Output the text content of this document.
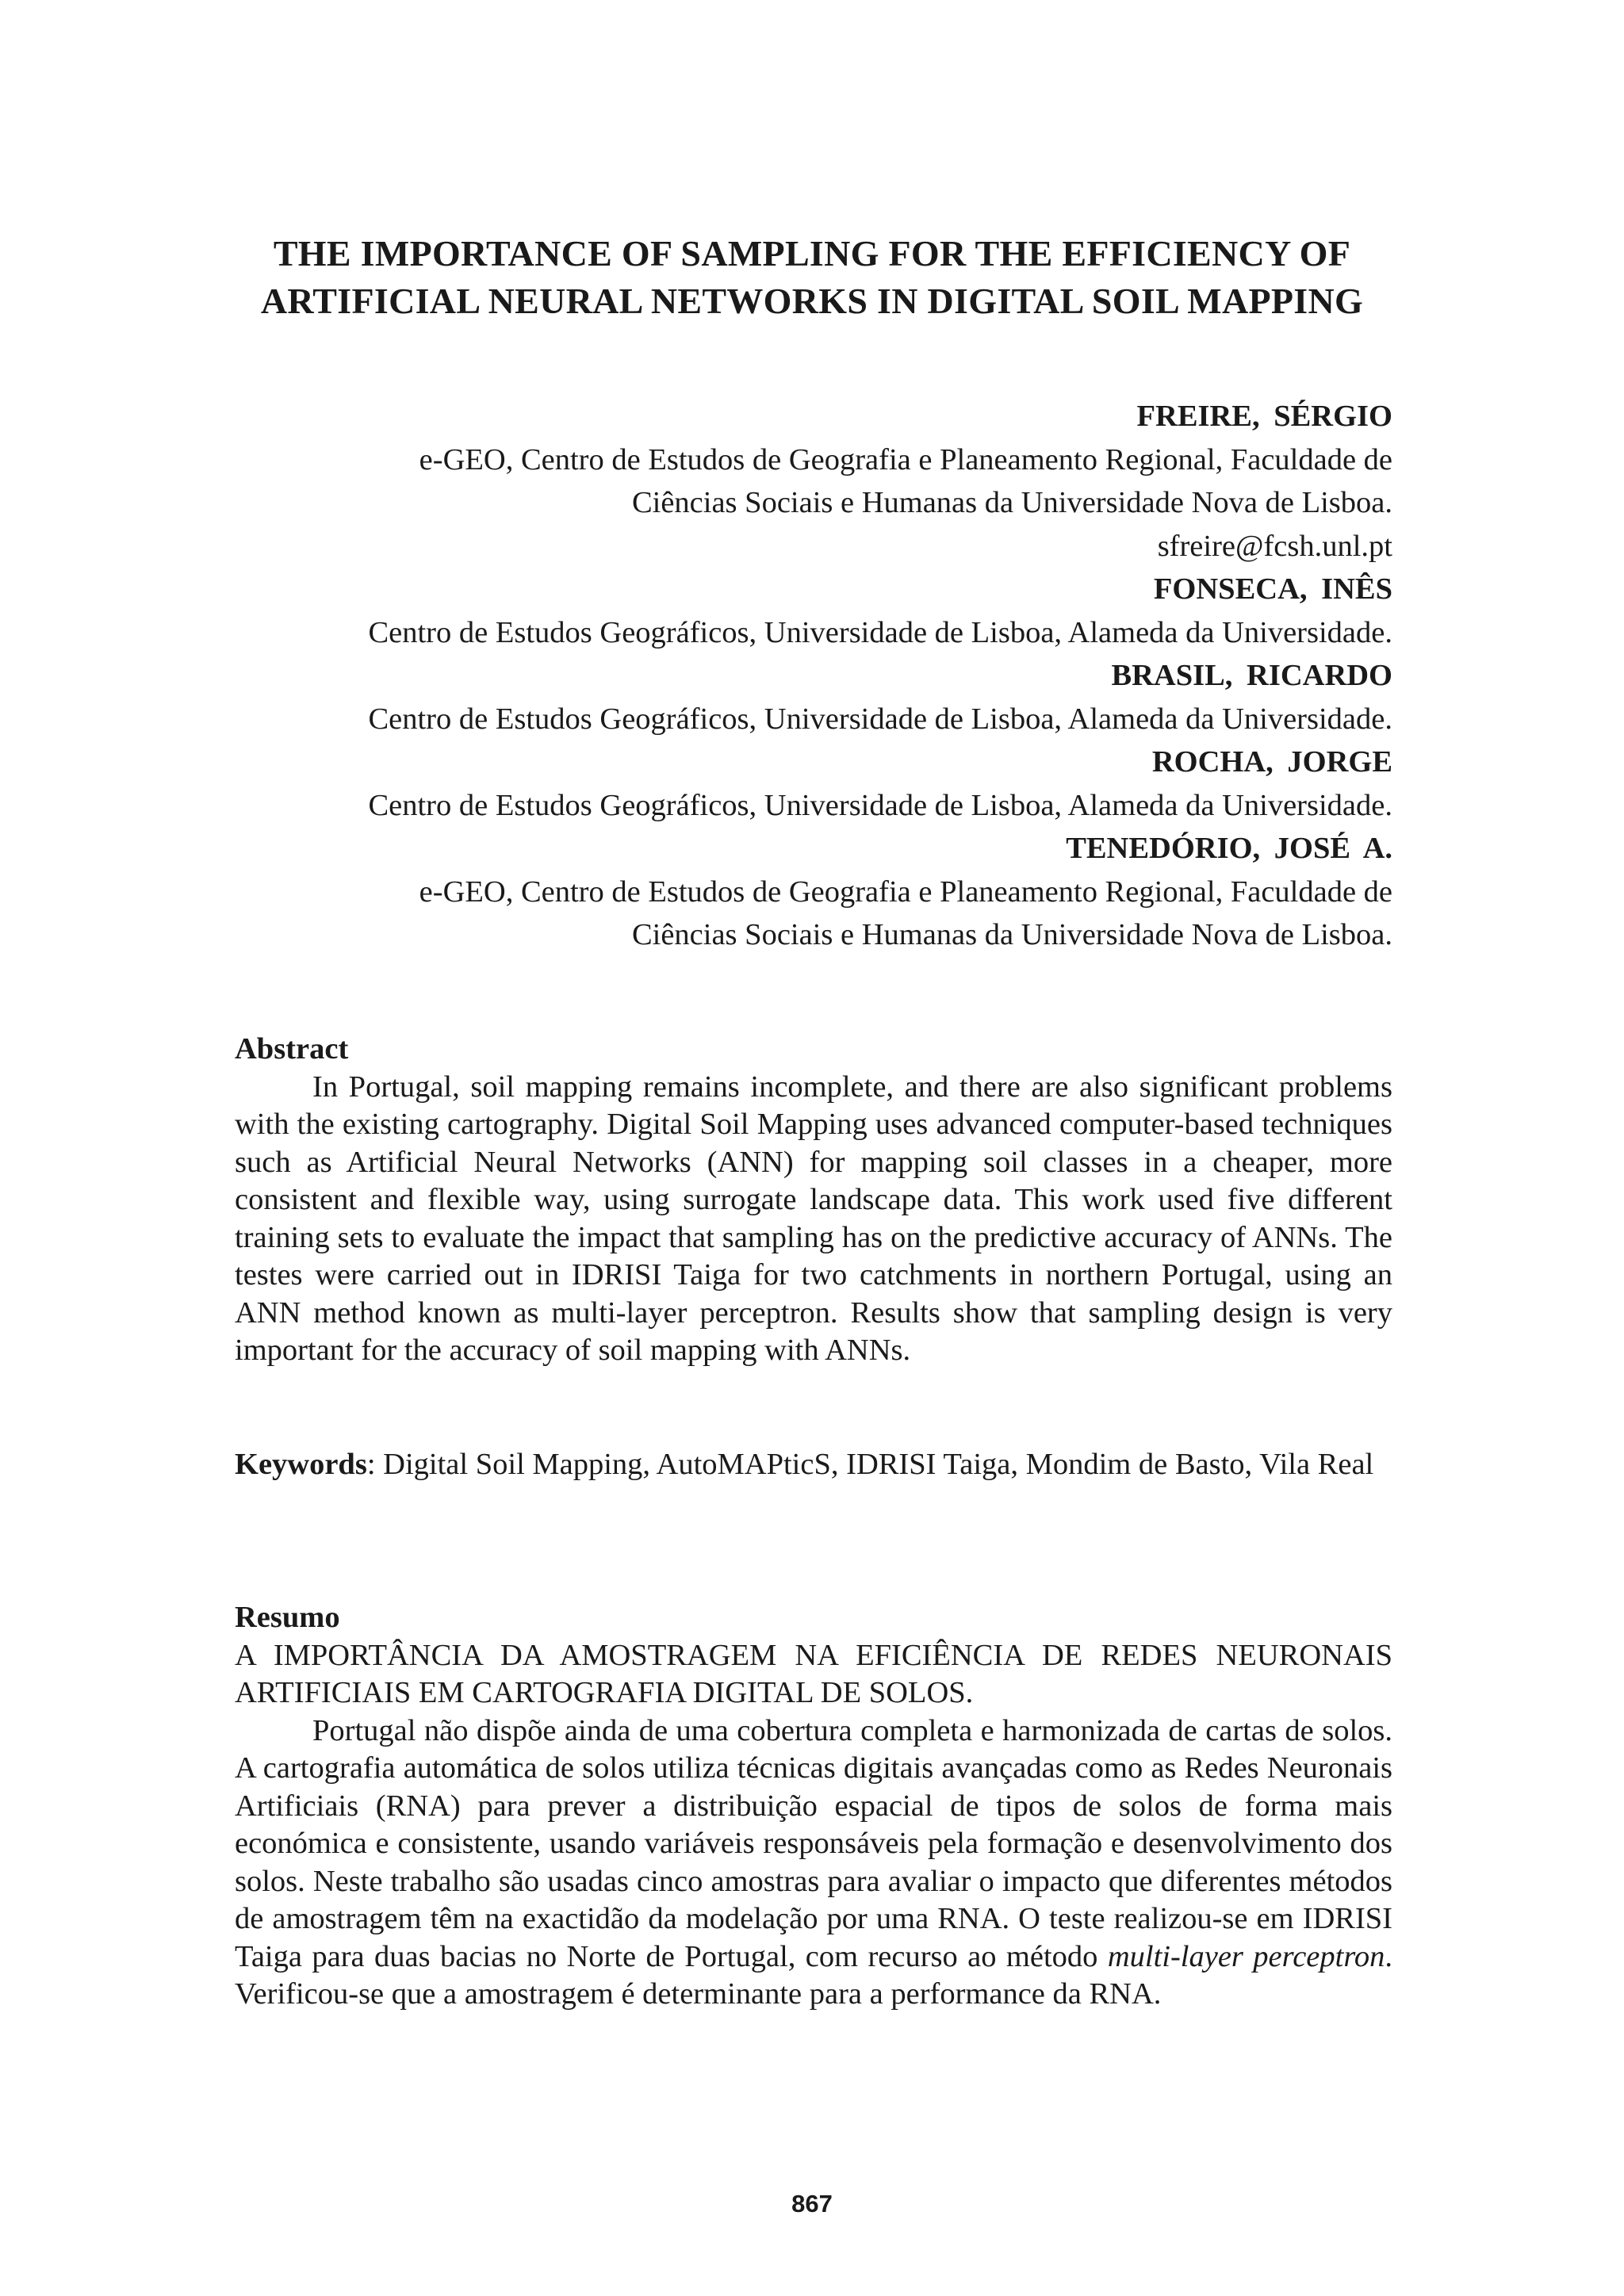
THE IMPORTANCE OF SAMPLING FOR THE EFFICIENCY OF
ARTIFICIAL NEURAL NETWORKS IN DIGITAL SOIL MAPPING
FREIRE, SÉRGIO
e-GEO, Centro de Estudos de Geografia e Planeamento Regional, Faculdade de
Ciências Sociais e Humanas da Universidade Nova de Lisboa.
sfreire@fcsh.unl.pt
FONSECA, INÊS
Centro de Estudos Geográficos, Universidade de Lisboa, Alameda da Universidade.
BRASIL, RICARDO
Centro de Estudos Geográficos, Universidade de Lisboa, Alameda da Universidade.
ROCHA, JORGE
Centro de Estudos Geográficos, Universidade de Lisboa, Alameda da Universidade.
TENEDÓRIO, JOSÉ A.
e-GEO, Centro de Estudos de Geografia e Planeamento Regional, Faculdade de
Ciências Sociais e Humanas da Universidade Nova de Lisboa.
Abstract

In Portugal, soil mapping remains incomplete, and there are also significant problems with the existing cartography. Digital Soil Mapping uses advanced computer-based techniques such as Artificial Neural Networks (ANN) for mapping soil classes in a cheaper, more consistent and flexible way, using surrogate landscape data. This work used five different training sets to evaluate the impact that sampling has on the predictive accuracy of ANNs. The testes were carried out in IDRISI Taiga for two catchments in northern Portugal, using an ANN method known as multi-layer perceptron. Results show that sampling design is very important for the accuracy of soil mapping with ANNs.

Keywords: Digital Soil Mapping, AutoMAPticS, IDRISI Taiga, Mondim de Basto, Vila Real

Resumo

A IMPORTÂNCIA DA AMOSTRAGEM NA EFICIÊNCIA DE REDES NEURONAIS ARTIFICIAIS EM CARTOGRAFIA DIGITAL DE SOLOS.

Portugal não dispõe ainda de uma cobertura completa e harmonizada de cartas de solos. A cartografia automática de solos utiliza técnicas digitais avançadas como as Redes Neuronais Artificiais (RNA) para prever a distribuição espacial de tipos de solos de forma mais económica e consistente, usando variáveis responsáveis pela formação e desenvolvimento dos solos. Neste trabalho são usadas cinco amostras para avaliar o impacto que diferentes métodos de amostragem têm na exactidão da modelação por uma RNA. O teste realizou-se em IDRISI Taiga para duas bacias no Norte de Portugal, com recurso ao método multi-layer perceptron. Verificou-se que a amostragem é determinante para a performance da RNA.

867
